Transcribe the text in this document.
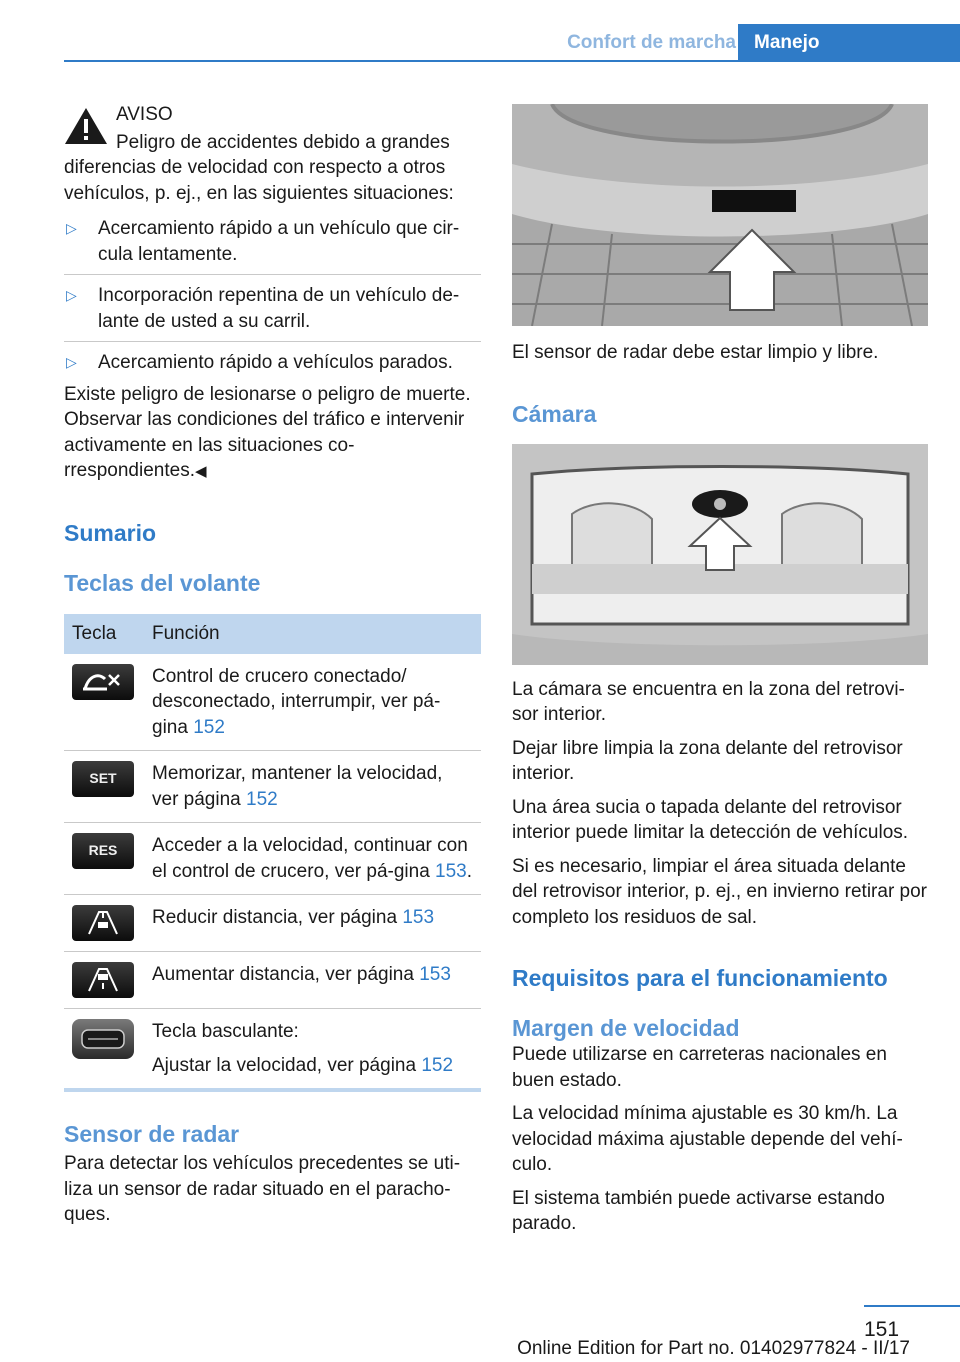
Confort de marcha Manejo

AVISO

Peligro de accidentes debido a grandes diferencias de velocidad con respecto a otros vehículos, p. ej., en las siguientes situaciones:

▷ Acercamiento rápido a un vehículo que cir-cula lentamente.
▷ Incorporación repentina de un vehículo de-lante de usted a su carril.
▷ Acercamiento rápido a vehículos parados.

Existe peligro de lesionarse o peligro de muerte. Observar las condiciones del tráfico e intervenir activamente en las situaciones co-rrespondientes.◀

Sumario
Teclas del volante
Tecla	Función

	Control de crucero conectado/ desconectado, interrumpir, ver pá-gina 152

SET	Memorizar, mantener la velocidad, ver página 152

RES	Acceder a la velocidad, continuar con el control de crucero, ver pá-gina 153.

	Reducir distancia, ver página 153

	Aumentar distancia, ver página 153

Tecla basculante:
Ajustar la velocidad, ver página 152
Sensor de radar

Para detectar los vehículos precedentes se uti-liza un sensor de radar situado en el paracho-ques.

El sensor de radar debe estar limpio y libre.

Cámara

La cámara se encuentra en la zona del retrovi-sor interior.

Dejar libre limpia la zona delante del retrovisor interior.

Una área sucia o tapada delante del retrovisor interior puede limitar la detección de vehículos.

Si es necesario, limpiar el área situada delante del retrovisor interior, p. ej., en invierno retirar por completo los residuos de sal.

Requisitos para el funcionamiento
Margen de velocidad

Puede utilizarse en carreteras nacionales en buen estado.

La velocidad mínima ajustable es 30 km/h. La velocidad máxima ajustable depende del vehí-culo.

El sistema también puede activarse estando parado.

151
Online Edition for Part no. 01402977824 - II/17
